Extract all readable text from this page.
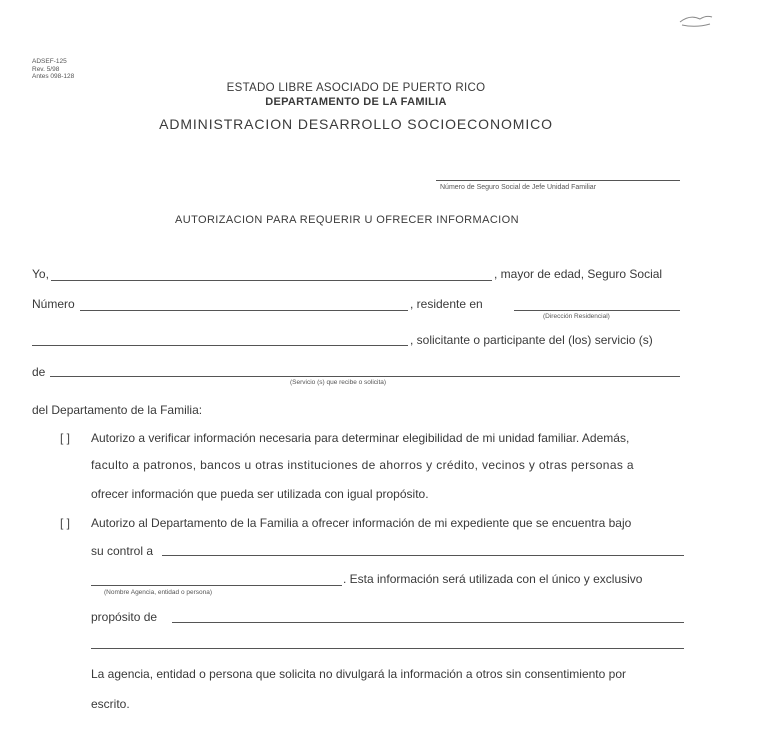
ADSEF-125
Rev. 5/98
Antes 098-128
ESTADO LIBRE ASOCIADO DE PUERTO RICO
DEPARTAMENTO DE LA FAMILIA
ADMINISTRACION DESARROLLO SOCIOECONOMICO
Número de Seguro Social de Jefe Unidad Familiar
AUTORIZACION PARA REQUERIR U OFRECER INFORMACION
Yo,	, mayor de edad, Seguro Social
Número	, residente en
(Dirección Residencial)
, solicitante o participante del (los) servicio (s)
de
(Servicio (s) que recibe o solicita)
del Departamento de la Familia:
[ ] Autorizo a verificar información necesaria para determinar elegibilidad de mi unidad familiar. Además,
faculto a patronos, bancos u otras instituciones de ahorros y crédito, vecinos y otras personas a
ofrecer información que pueda ser utilizada con igual propósito.
[ ] Autorizo al Departamento de la Familia a ofrecer información de mi expediente que se encuentra bajo
su control a
. Esta información será utilizada con el único y exclusivo
(Nombre Agencia, entidad o persona)
propósito de
La agencia, entidad o persona que solicita no divulgará la información a otros sin consentimiento por
escrito.
